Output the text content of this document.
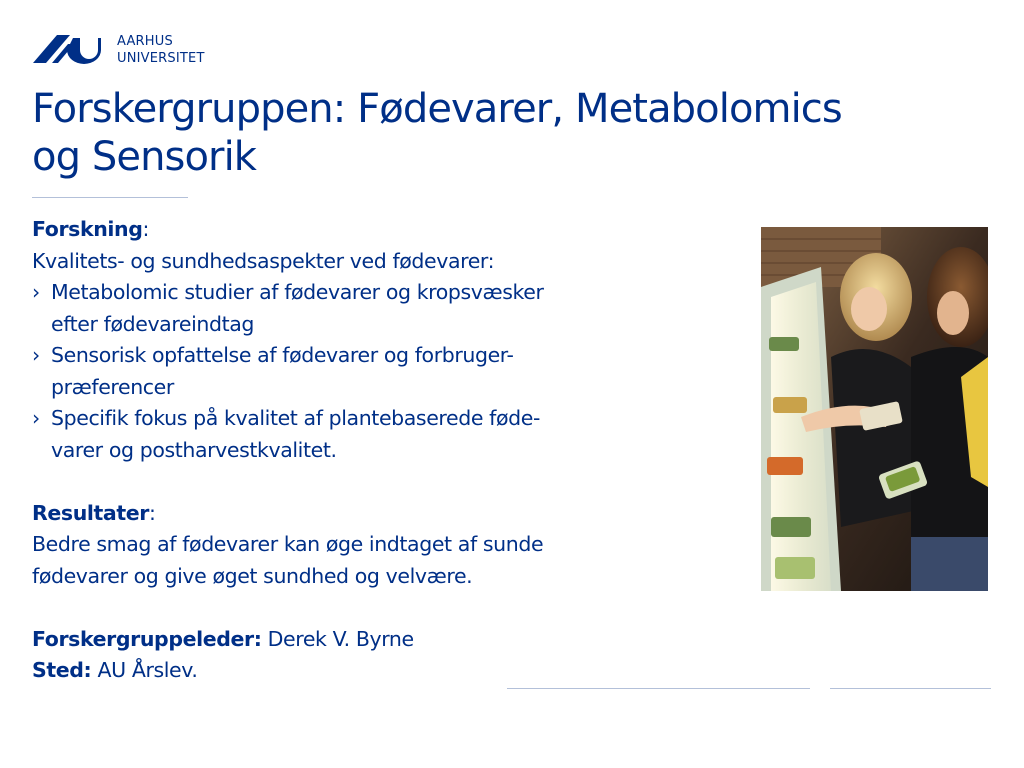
AARHUS
UNIVERSITET
Forskergruppen: Fødevarer, Metabolomics
og Sensorik
Forskning:
Kvalitets- og sundhedsaspekter ved fødevarer:
› Metabolomic studier af fødevarer og kropsvæsker
efter fødevareindtag
› Sensorisk opfattelse af fødevarer og forbruger-
præferencer
› Specifik fokus på kvalitet af plantebaserede føde-
varer og postharvestkvalitet.
Resultater:
Bedre smag af fødevarer kan øge indtaget af sunde
fødevarer og give øget sundhed og velvære.
Forskergruppeleder: Derek V. Byrne
Sted: AU Årslev.
